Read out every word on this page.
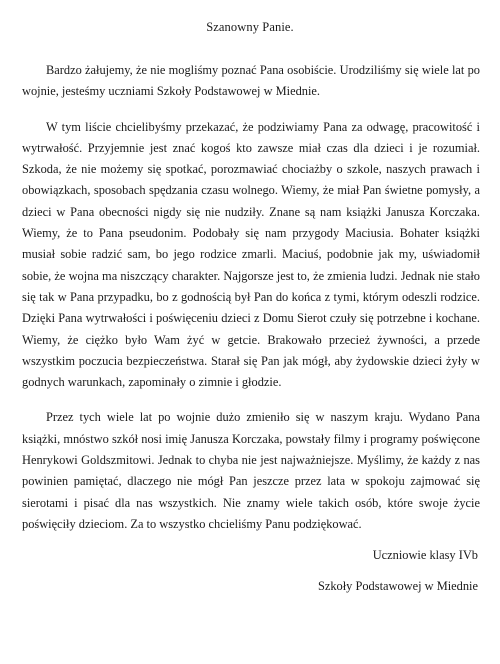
Szanowny Panie.

Bardzo żałujemy, że nie mogliśmy poznać Pana osobiście. Urodziliśmy się wiele lat po wojnie, jesteśmy uczniami Szkoły Podstawowej w Miednie.

W tym liście chcielibyśmy przekazać, że podziwiamy Pana za odwagę, pracowitość i wytrwałość. Przyjemnie jest znać kogoś kto zawsze miał czas dla dzieci i je rozumiał. Szkoda, że nie możemy się spotkać, porozmawiać chociażby o szkole, naszych prawach i obowiązkach, sposobach spędzania czasu wolnego. Wiemy, że miał Pan świetne pomysły, a dzieci w Pana obecności nigdy się nie nudziły. Znane są nam książki Janusza Korczaka. Wiemy, że to Pana pseudonim. Podobały się nam przygody Maciusia. Bohater książki musiał sobie radzić sam, bo jego rodzice zmarli. Maciuś, podobnie jak my, uświadomił sobie, że wojna ma niszczący charakter. Najgorsze jest to, że zmienia ludzi. Jednak nie stało się tak w Pana przypadku, bo z godnością był Pan do końca z tymi, którym odeszli rodzice. Dzięki Pana wytrwałości i poświęceniu dzieci z Domu Sierot czuły się potrzebne i kochane. Wiemy, że ciężko było Wam żyć w getcie. Brakowało przecież żywności, a przede wszystkim poczucia bezpieczeństwa. Starał się Pan jak mógł, aby żydowskie dzieci żyły w godnych warunkach, zapominały o zimnie i głodzie.

Przez tych wiele lat po wojnie dużo zmieniło się w naszym kraju. Wydano Pana książki, mnóstwo szkół nosi imię Janusza Korczaka, powstały filmy i programy poświęcone Henrykowi Goldszmitowi. Jednak to chyba nie jest najważniejsze. Myślimy, że każdy z nas powinien pamiętać, dlaczego nie mógł Pan jeszcze przez lata w spokoju zajmować się sierotami i pisać dla nas wszystkich. Nie znamy wiele takich osób, które swoje życie poświęciły dzieciom. Za to wszystko chcieliśmy Panu podziękować.

Uczniowie klasy IVb
Szkoły Podstawowej w Miednie
